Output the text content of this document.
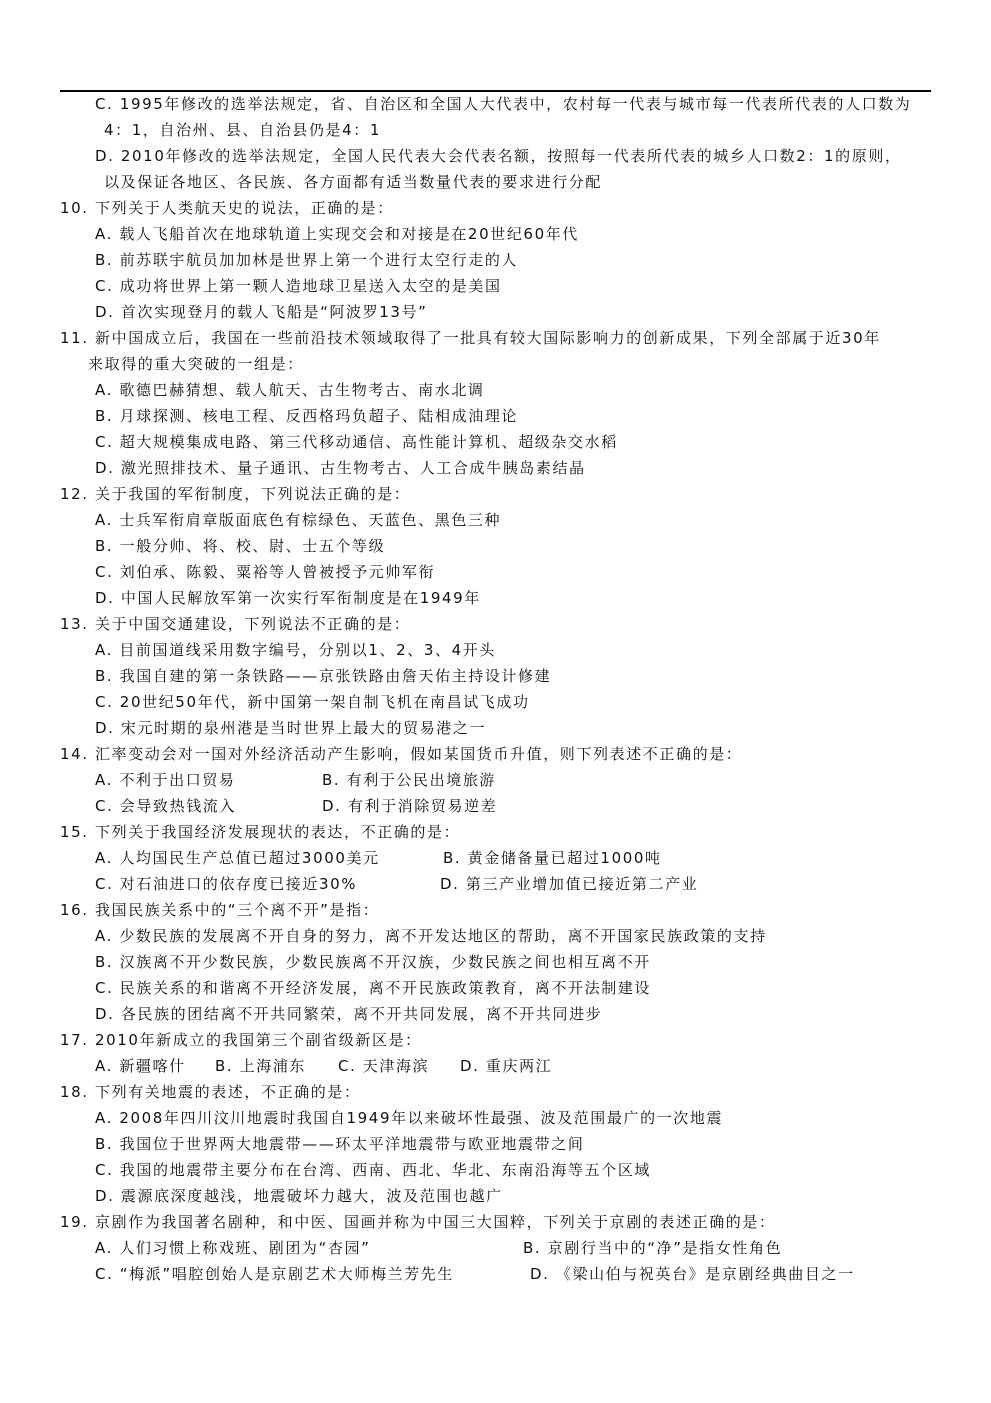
C. 1995年修改的选举法规定，省、自治区和全国人大代表中，农村每一代表与城市每一代表所代表的人口数为
4：1，自治州、县、自治县仍是4：1
D. 2010年修改的选举法规定，全国人民代表大会代表名额，按照每一代表所代表的城乡人口数2：1的原则，
以及保证各地区、各民族、各方面都有适当数量代表的要求进行分配
10. 下列关于人类航天史的说法，正确的是：
A. 载人飞船首次在地球轨道上实现交会和对接是在20世纪60年代
B. 前苏联宇航员加加林是世界上第一个进行太空行走的人
C. 成功将世界上第一颗人造地球卫星送入太空的是美国
D. 首次实现登月的载人飞船是“阿波罗13号”
11. 新中国成立后，我国在一些前沿技术领域取得了一批具有较大国际影响力的创新成果，下列全部属于近30年
来取得的重大突破的一组是：
A. 歌德巴赫猜想、载人航天、古生物考古、南水北调
B. 月球探测、核电工程、反西格玛负超子、陆相成油理论
C. 超大规模集成电路、第三代移动通信、高性能计算机、超级杂交水稻
D. 激光照排技术、量子通讯、古生物考古、人工合成牛胰岛素结晶
12. 关于我国的军衔制度，下列说法正确的是：
A. 士兵军衔肩章版面底色有棕绿色、天蓝色、黑色三种
B. 一般分帅、将、校、尉、士五个等级
C. 刘伯承、陈毅、粟裕等人曾被授予元帅军衔
D. 中国人民解放军第一次实行军衔制度是在1949年
13. 关于中国交通建设，下列说法不正确的是：
A. 目前国道线采用数字编号，分别以1、2、3、4开头
B. 我国自建的第一条铁路——京张铁路由詹天佑主持设计修建
C. 20世纪50年代，新中国第一架自制飞机在南昌试飞成功
D. 宋元时期的泉州港是当时世界上最大的贸易港之一
14. 汇率变动会对一国对外经济活动产生影响，假如某国货币升值，则下列表述不正确的是：
A. 不利于出口贸易	B. 有利于公民出境旅游
C. 会导致热钱流入	D. 有利于消除贸易逆差
15. 下列关于我国经济发展现状的表达，不正确的是：
A. 人均国民生产总值已超过3000美元	B. 黄金储备量已超过1000吨
C. 对石油进口的依存度已接近30%	D. 第三产业增加值已接近第二产业
16. 我国民族关系中的“三个离不开”是指：
A. 少数民族的发展离不开自身的努力，离不开发达地区的帮助，离不开国家民族政策的支持
B. 汉族离不开少数民族，少数民族离不开汉族，少数民族之间也相互离不开
C. 民族关系的和谐离不开经济发展，离不开民族政策教育，离不开法制建设
D. 各民族的团结离不开共同繁荣，离不开共同发展，离不开共同进步
17. 2010年新成立的我国第三个副省级新区是：
A. 新疆喀什 B. 上海浦东 C. 天津海滨 D. 重庆两江
18. 下列有关地震的表述，不正确的是：
A. 2008年四川汶川地震时我国自1949年以来破坏性最强、波及范围最广的一次地震
B. 我国位于世界两大地震带——环太平洋地震带与欧亚地震带之间
C. 我国的地震带主要分布在台湾、西南、西北、华北、东南沿海等五个区域
D. 震源底深度越浅，地震破坏力越大，波及范围也越广
19. 京剧作为我国著名剧种，和中医、国画并称为中国三大国粹，下列关于京剧的表述正确的是：
A. 人们习惯上称戏班、剧团为“杏园”	B. 京剧行当中的“净”是指女性角色
C. “梅派”唱腔创始人是京剧艺术大师梅兰芳先生	D. 《梁山伯与祝英台》是京剧经典曲目之一
